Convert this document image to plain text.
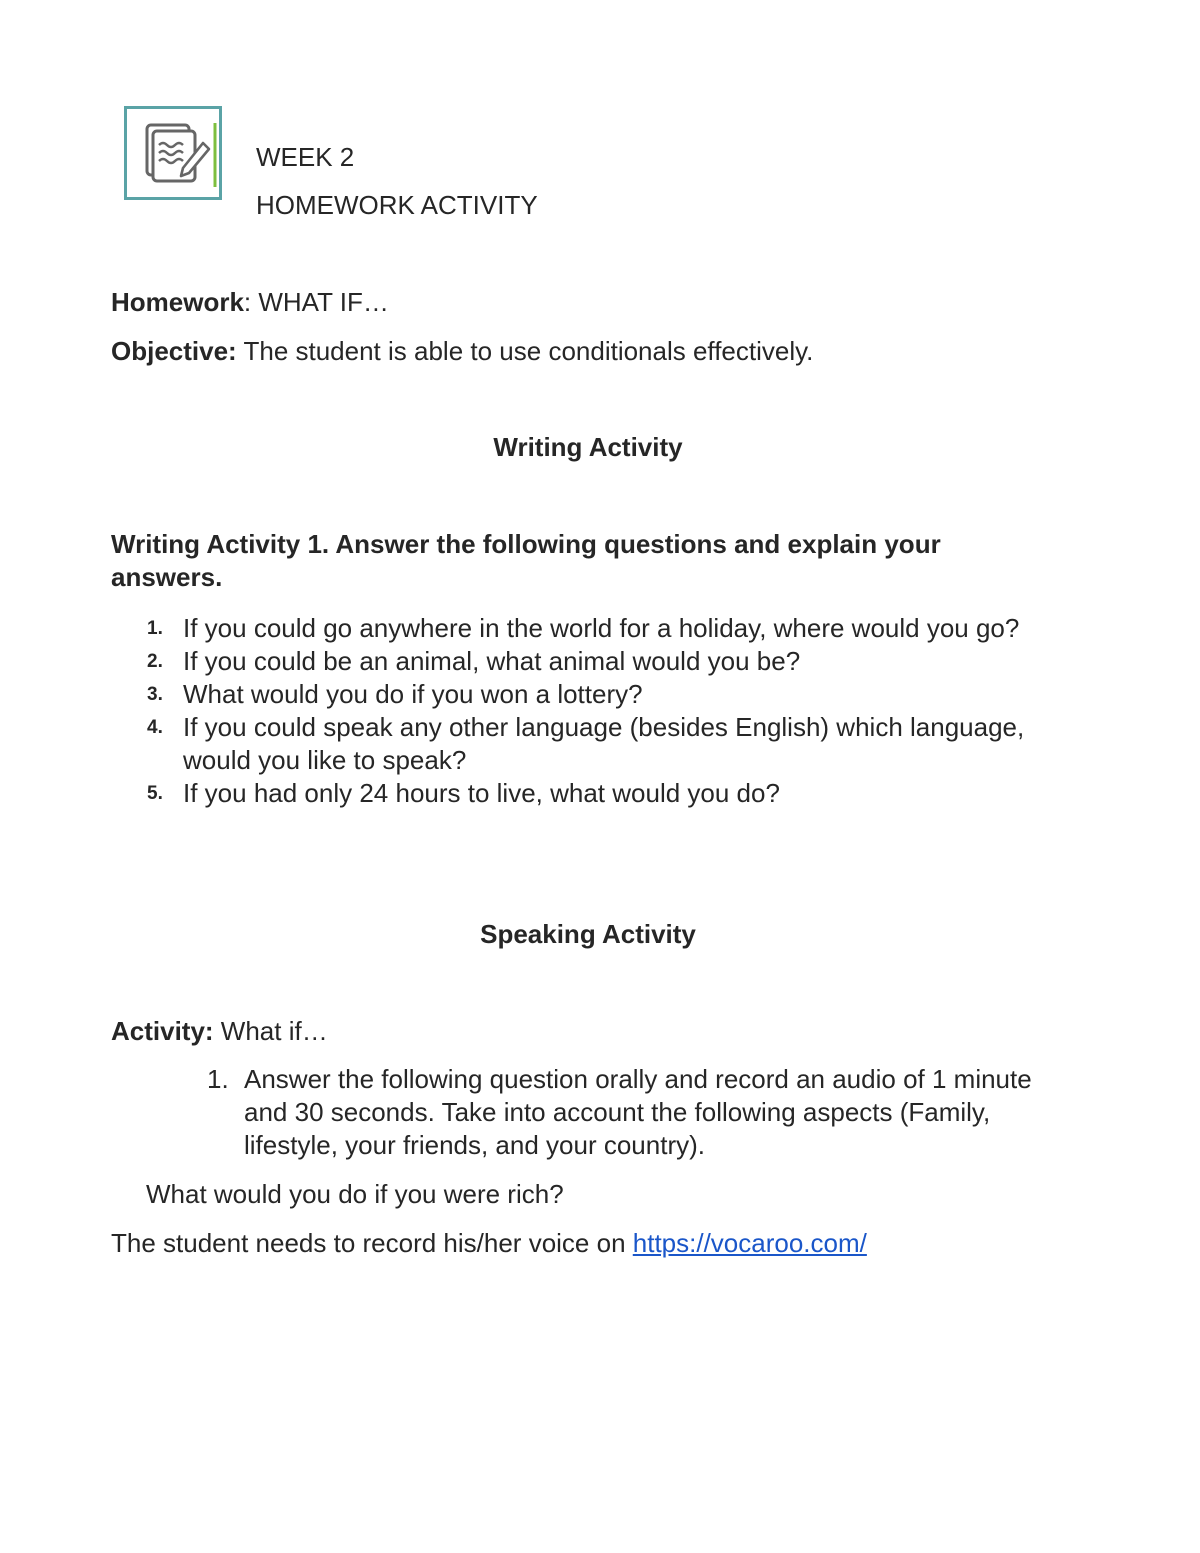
WEEK 2
HOMEWORK ACTIVITY
Homework: WHAT IF…
Objective: The student is able to use conditionals effectively.
Writing Activity
Writing Activity 1. Answer the following questions and explain your answers.
1. If you could go anywhere in the world for a holiday, where would you go?
2. If you could be an animal, what animal would you be?
3. What would you do if you won a lottery?
4. If you could speak any other language (besides English) which language, would you like to speak?
5. If you had only 24 hours to live, what would you do?
Speaking Activity
Activity: What if…
1. Answer the following question orally and record an audio of 1 minute and 30 seconds. Take into account the following aspects (Family, lifestyle, your friends, and your country).
What would you do if you were rich?
The student needs to record his/her voice on https://vocaroo.com/
